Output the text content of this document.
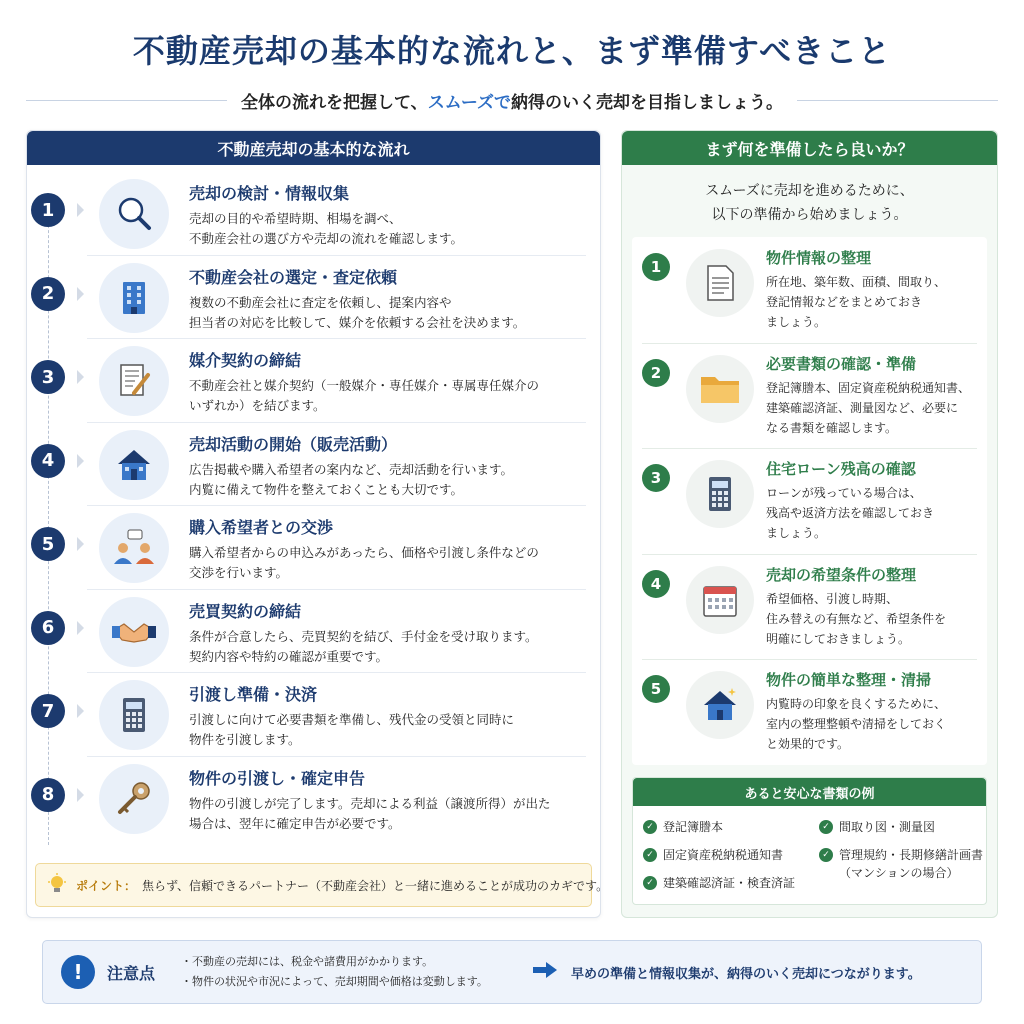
不動産売却の基本的な流れと、まず準備すべきこと
全体の流れを把握して、スムーズで納得のいく売却を目指しましょう。
不動産売却の基本的な流れ
1
売却の検討・情報収集
売却の目的や希望時期、相場を調べ、
不動産会社の選び方や売却の流れを確認します。
2
不動産会社の選定・査定依頼
複数の不動産会社に査定を依頼し、提案内容や
担当者の対応を比較して、媒介を依頼する会社を決めます。
3
媒介契約の締結
不動産会社と媒介契約（一般媒介・専任媒介・専属専任媒介の
いずれか）を結びます。
4
売却活動の開始（販売活動）
広告掲載や購入希望者の案内など、売却活動を行います。
内覧に備えて物件を整えておくことも大切です。
5
購入希望者との交渉
購入希望者からの申込みがあったら、価格や引渡し条件などの
交渉を行います。
6
売買契約の締結
条件が合意したら、売買契約を結び、手付金を受け取ります。
契約内容や特約の確認が重要です。
7
引渡し準備・決済
引渡しに向けて必要書類を準備し、残代金の受領と同時に
物件を引渡します。
8
物件の引渡し・確定申告
物件の引渡しが完了します。売却による利益（譲渡所得）が出た
場合は、翌年に確定申告が必要です。
ポイント： 焦らず、信頼できるパートナー（不動産会社）と一緒に進めることが成功のカギです。
まず何を準備したら良いか？
スムーズに売却を進めるために、
以下の準備から始めましょう。
1	物件情報の整理
所在地、築年数、面積、間取り、
登記情報などをまとめておき
ましょう。
2	必要書類の確認・準備
登記簿謄本、固定資産税納税通知書、
建築確認済証、測量図など、必要に
なる書類を確認します。
3	住宅ローン残高の確認
ローンが残っている場合は、
残高や返済方法を確認しておき
ましょう。
4	売却の希望条件の整理
希望価格、引渡し時期、
住み替えの有無など、希望条件を
明確にしておきましょう。
5	物件の簡単な整理・清掃
内覧時の印象を良くするために、
室内の整理整頓や清掃をしておく
と効果的です。
あると安心な書類の例
✓ 登記簿謄本	✓ 間取り図・測量図
✓ 固定資産税納税通知書	✓ 管理規約・長期修繕計画書
（マンションの場合）
✓ 建築確認済証・検査済証
!	注意点
・不動産の売却には、税金や諸費用がかかります。
・物件の状況や市況によって、売却期間や価格は変動します。	早めの準備と情報収集が、納得のいく売却につながります。
